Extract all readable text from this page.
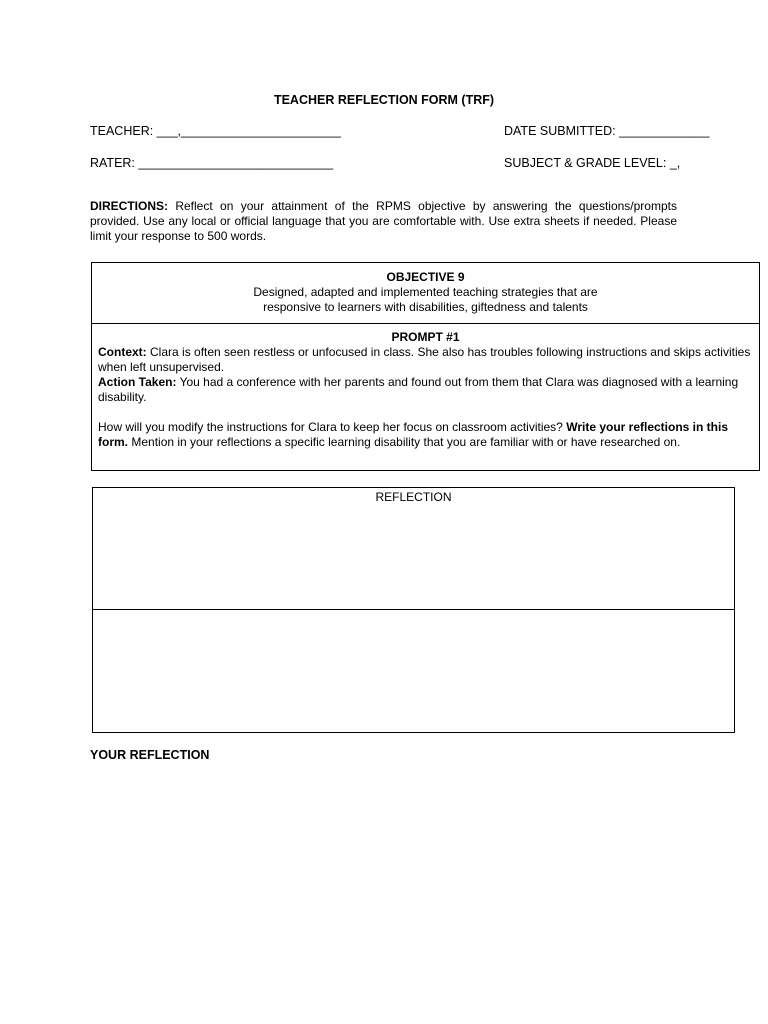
TEACHER REFLECTION FORM (TRF)
TEACHER: ___,_______________________	DATE SUBMITTED: _____________
RATER: ____________________________	SUBJECT & GRADE LEVEL: _,
DIRECTIONS: Reflect on your attainment of the RPMS objective by answering the questions/prompts provided. Use any local or official language that you are comfortable with. Use extra sheets if needed. Please limit your response to 500 words.
OBJECTIVE 9
Designed, adapted and implemented teaching strategies that are
responsive to learners with disabilities, giftedness and talents
PROMPT #1
Context: Clara is often seen restless or unfocused in class. She also has troubles following instructions and skips activities when left unsupervised.
Action Taken: You had a conference with her parents and found out from them that Clara was diagnosed with a learning disability.
How will you modify the instructions for Clara to keep her focus on classroom activities? Write your reflections in this form. Mention in your reflections a specific learning disability that you are familiar with or have researched on.
REFLECTION
YOUR REFLECTION
